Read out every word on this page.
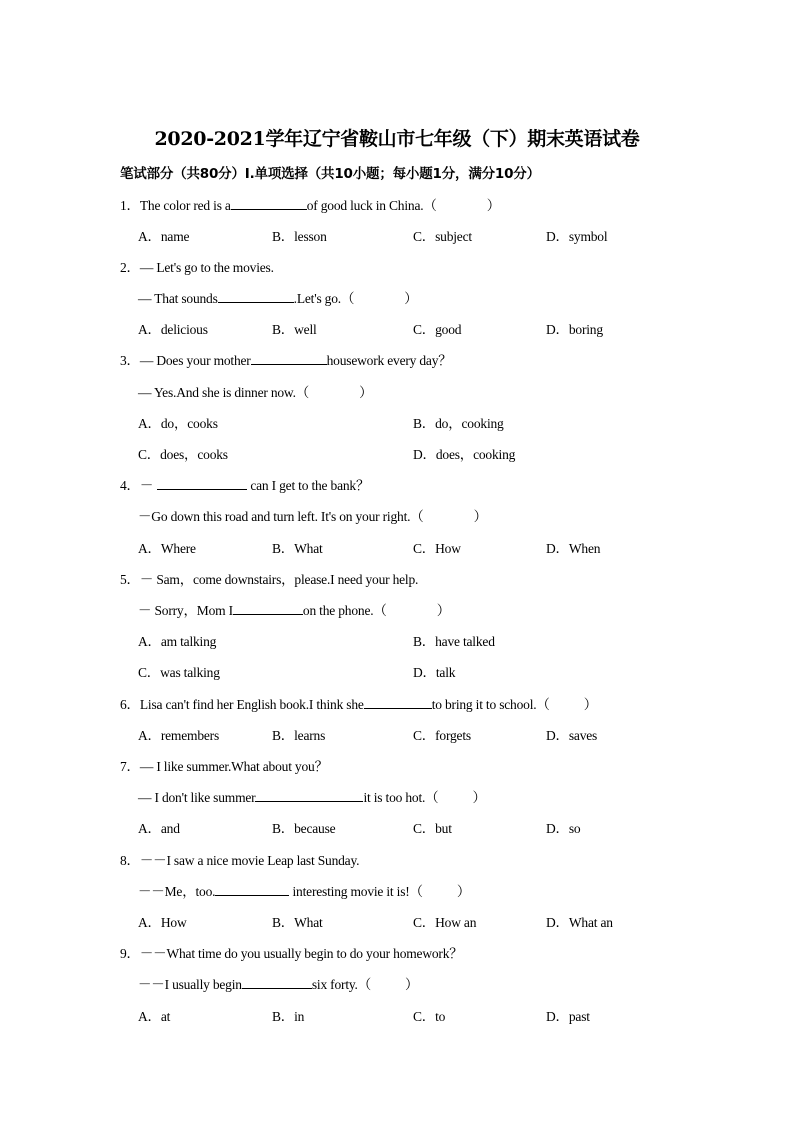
2020-2021学年辽宁省鞍山市七年级（下）期末英语试卷
笔试部分（共80分）I.单项选择（共10小题；每小题1分，满分10分）
1．The color red is a	of good luck in China.（	）
A．name	B．lesson	C．subject	D．symbol
2．— Let's go to the movies.
— That sounds	.Let's go.（	）
A．delicious	B．well	C．good	D．boring
3．— Does your mother	housework every day？
— Yes.And she is dinner now.（	）
A．do，cooks	B．do，cooking
C．does，cooks	D．does，cooking
4．－	can I get to the bank？
－Go down this road and turn left. It's on your right.（	）
A．Where	B．What	C．How	D．When
5．－ Sam，come downstairs，please.I need your help.
－ Sorry，Mom I	on the phone.（	）
A．am talking	B．have talked
C．was talking	D．talk
6．Lisa can't find her English book.I think she	to bring it to school.（	）
A．remembers	B．learns	C．forgets	D．saves
7．— I like summer.What about you？
— I don't like summer	it is too hot.（	）
A．and	B．because	C．but	D．so
8．－－I saw a nice movie Leap last Sunday.
－－Me，too.	interesting movie it is!（	）
A．How	B．What	C．How an	D．What an
9．－－What time do you usually begin to do your homework？
－－I usually begin	six forty.（	）
A．at	B．in	C．to	D．past
